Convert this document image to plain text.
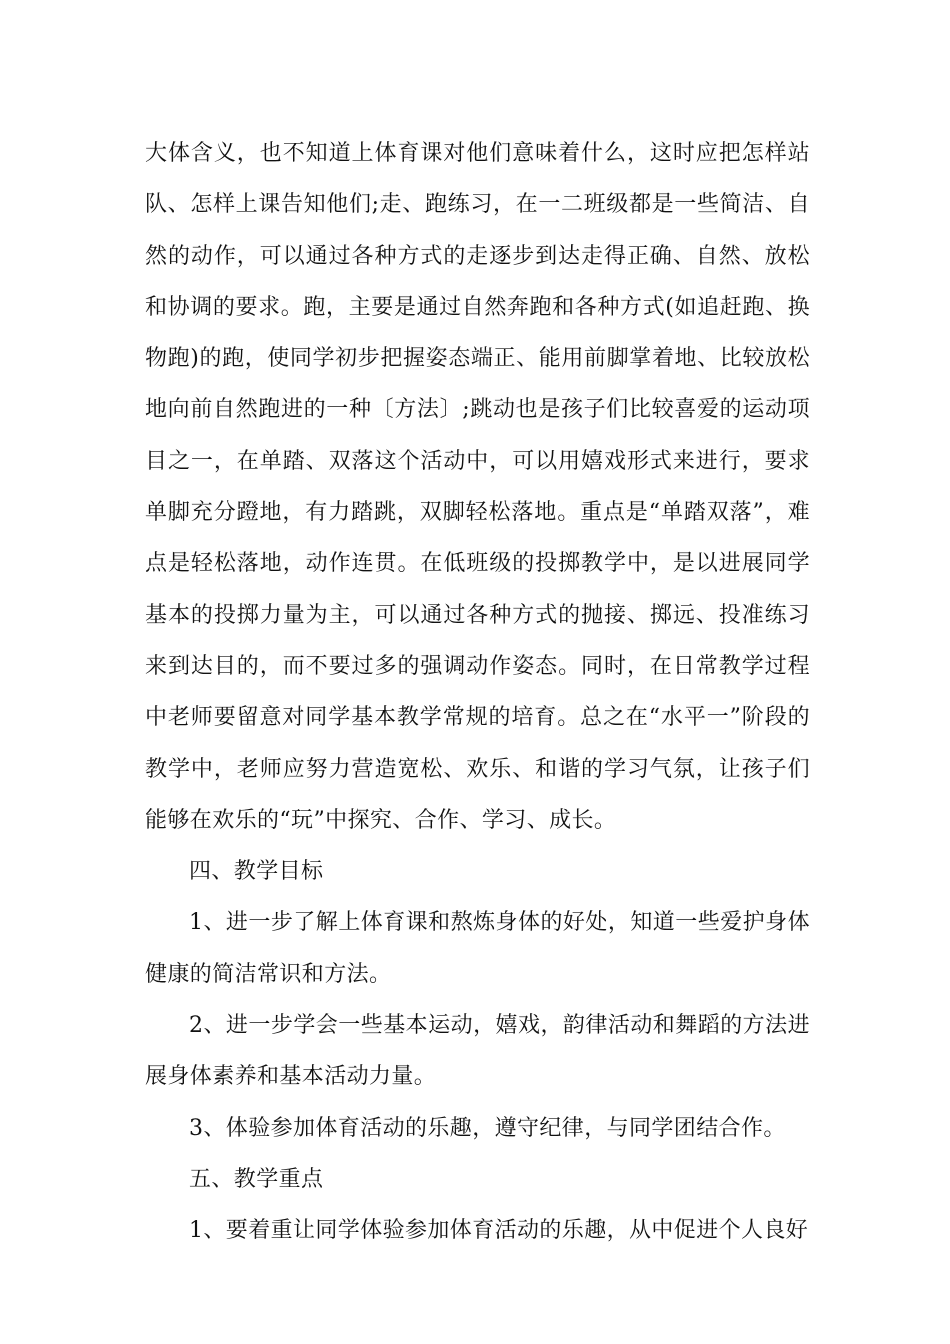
大体含义，也不知道上体育课对他们意味着什么，这时应把怎样站队、怎样上课告知他们;走、跑练习，在一二班级都是一些简洁、自然的动作，可以通过各种方式的走逐步到达走得正确、自然、放松和协调的要求。跑，主要是通过自然奔跑和各种方式(如追赶跑、换物跑)的跑，使同学初步把握姿态端正、能用前脚掌着地、比较放松地向前自然跑进的一种〔方法〕;跳动也是孩子们比较喜爱的运动项目之一，在单踏、双落这个活动中，可以用嬉戏形式来进行，要求单脚充分蹬地，有力踏跳，双脚轻松落地。重点是“单踏双落”，难点是轻松落地，动作连贯。在低班级的投掷教学中，是以进展同学基本的投掷力量为主，可以通过各种方式的抛接、掷远、投准练习来到达目的，而不要过多的强调动作姿态。同时，在日常教学过程中老师要留意对同学基本教学常规的培育。总之在“水平一”阶段的教学中，老师应努力营造宽松、欢乐、和谐的学习气氛，让孩子们能够在欢乐的“玩”中探究、合作、学习、成长。

四、教学目标

1、进一步了解上体育课和熬炼身体的好处，知道一些爱护身体健康的简洁常识和方法。

2、进一步学会一些基本运动，嬉戏，韵律活动和舞蹈的方法进展身体素养和基本活动力量。

3、体验参加体育活动的乐趣，遵守纪律，与同学团结合作。

五、教学重点

1、要着重让同学体验参加体育活动的乐趣，从中促进个人良好
